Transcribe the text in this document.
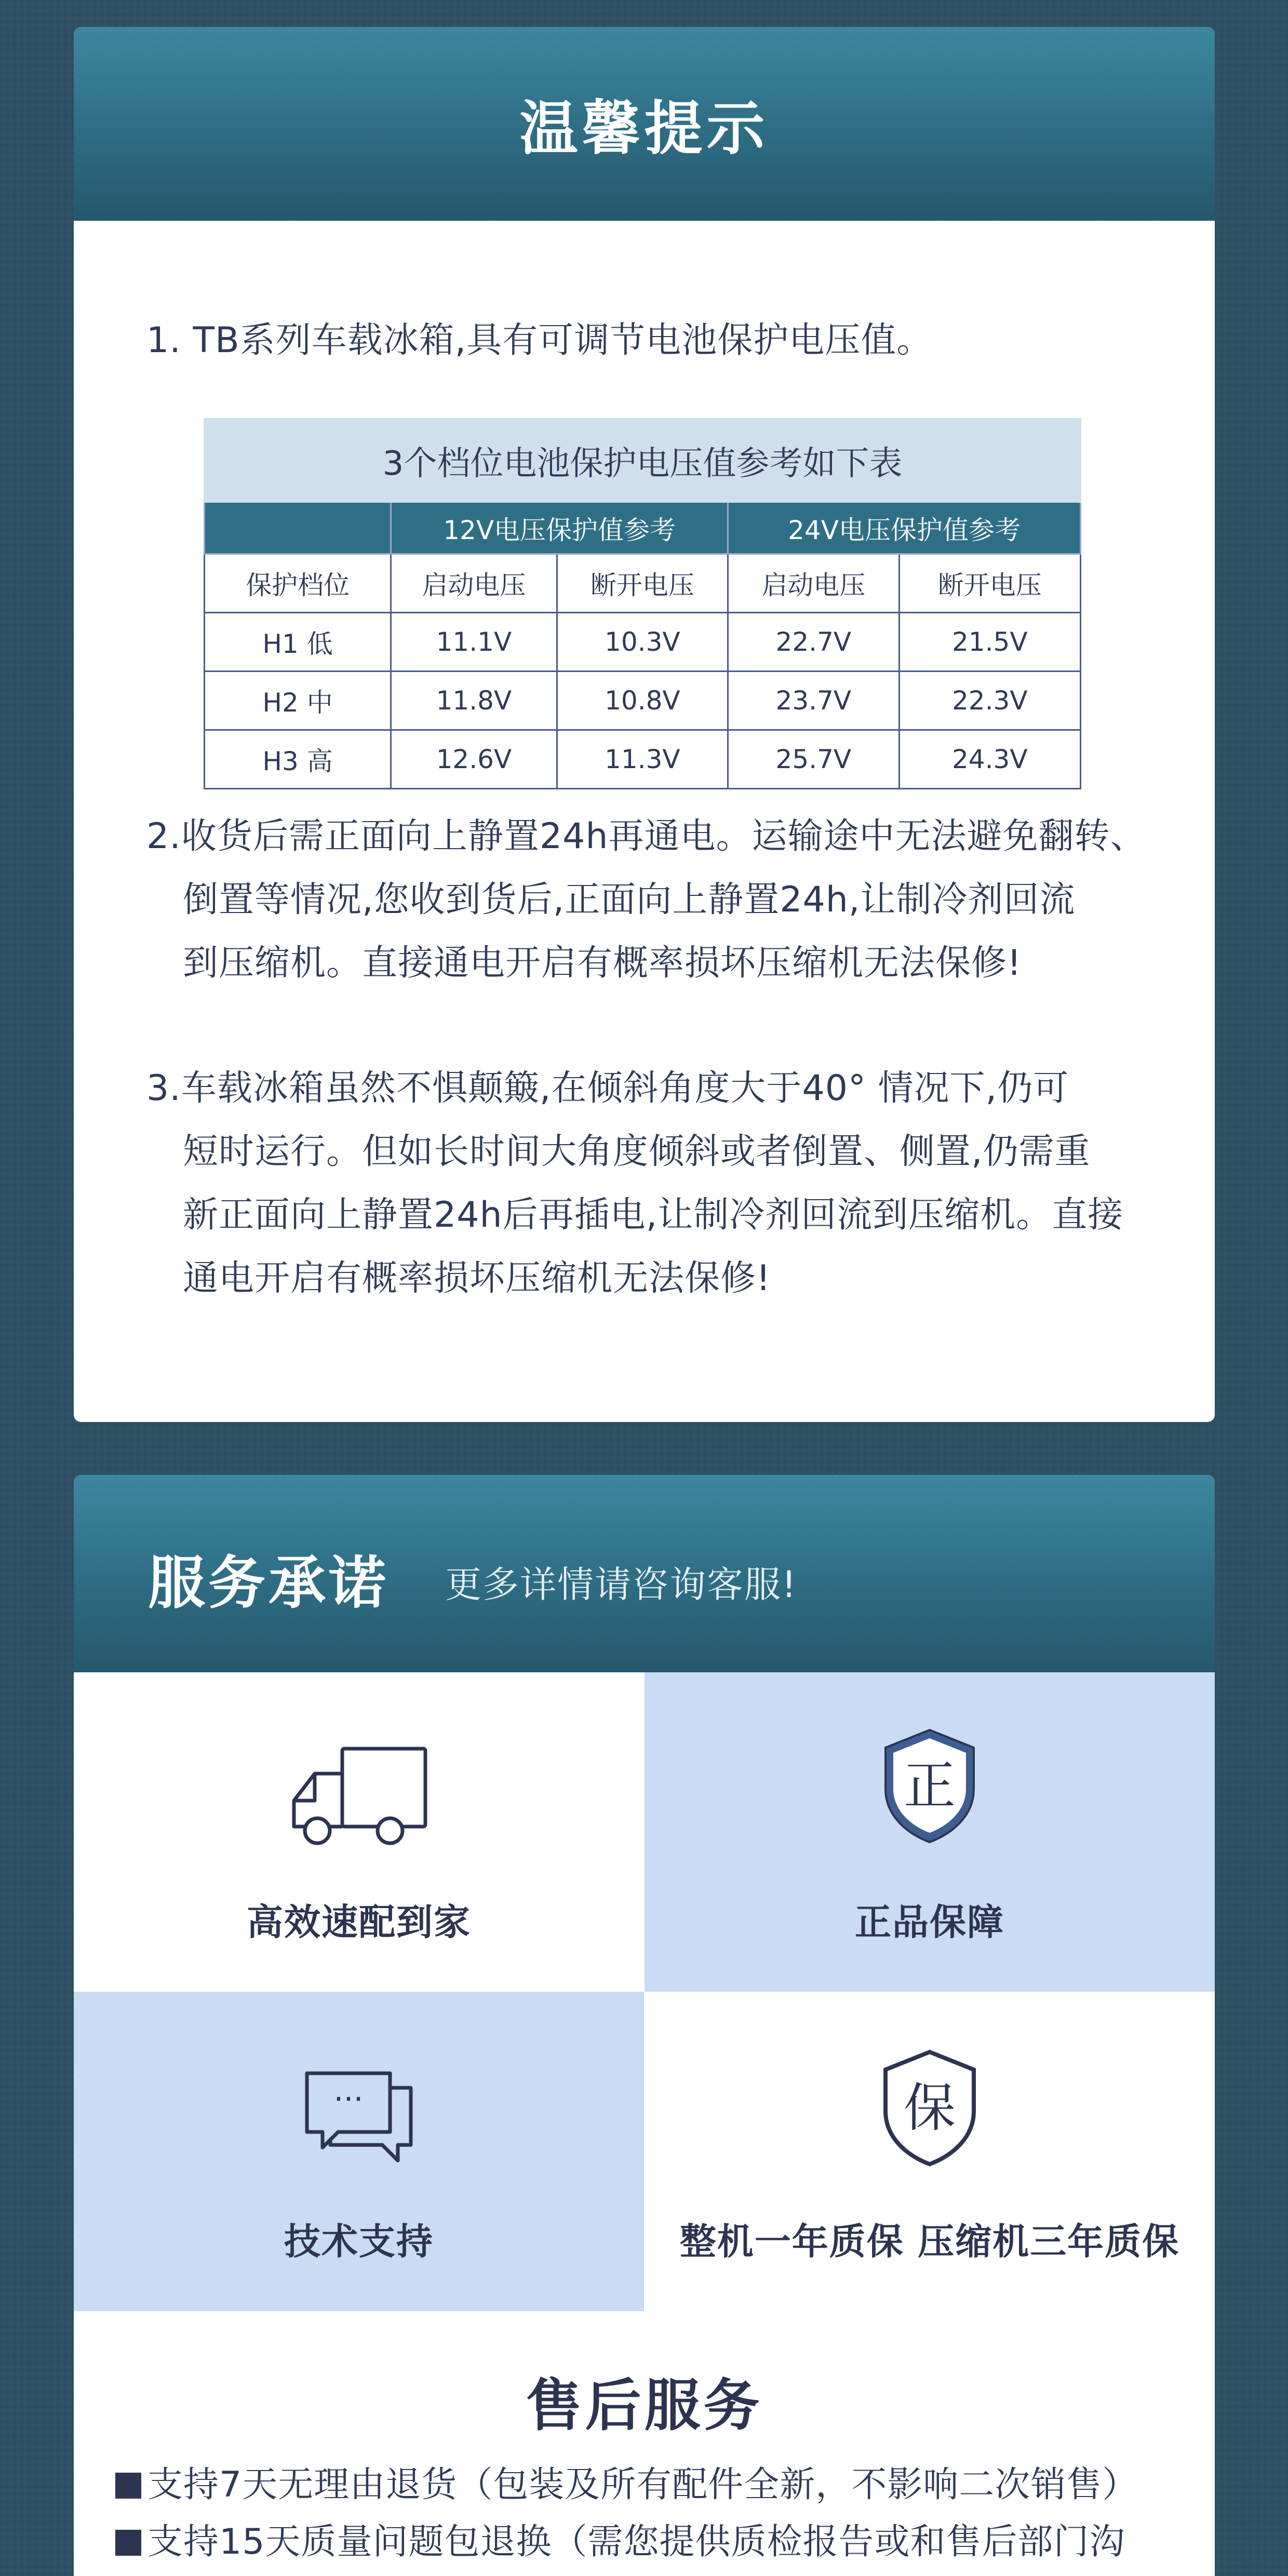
温馨提示
1. TB系列车载冰箱,具有可调节电池保护电压值。
3个档位电池保护电压值参考如下表				
	12V电压保护值参考		24V电压保护值参考	
保护档位	启动电压	断开电压	启动电压	断开电压
H1 低	11.1V	10.3V	22.7V	21.5V
H2 中	11.8V	10.8V	23.7V	22.3V
H3 高	12.6V	11.3V	25.7V	24.3V
2.收货后需正面向上静置24h再通电。运输途中无法避免翻转、
倒置等情况,您收到货后,正面向上静置24h,让制冷剂回流
到压缩机。直接通电开启有概率损坏压缩机无法保修!
3.车载冰箱虽然不惧颠簸,在倾斜角度大于40° 情况下,仍可
短时运行。但如长时间大角度倾斜或者倒置、侧置,仍需重
新正面向上静置24h后再插电,让制冷剂回流到压缩机。直接
通电开启有概率损坏压缩机无法保修!
服务承诺 更多详情请咨询客服!
高效速配到家
正
正品保障
···
技术支持
保
整机一年质保 压缩机三年质保
售后服务
支持7天无理由退货（包装及所有配件全新，不影响二次销售）
支持15天质量问题包退换（需您提供质检报告或和售后部门沟
